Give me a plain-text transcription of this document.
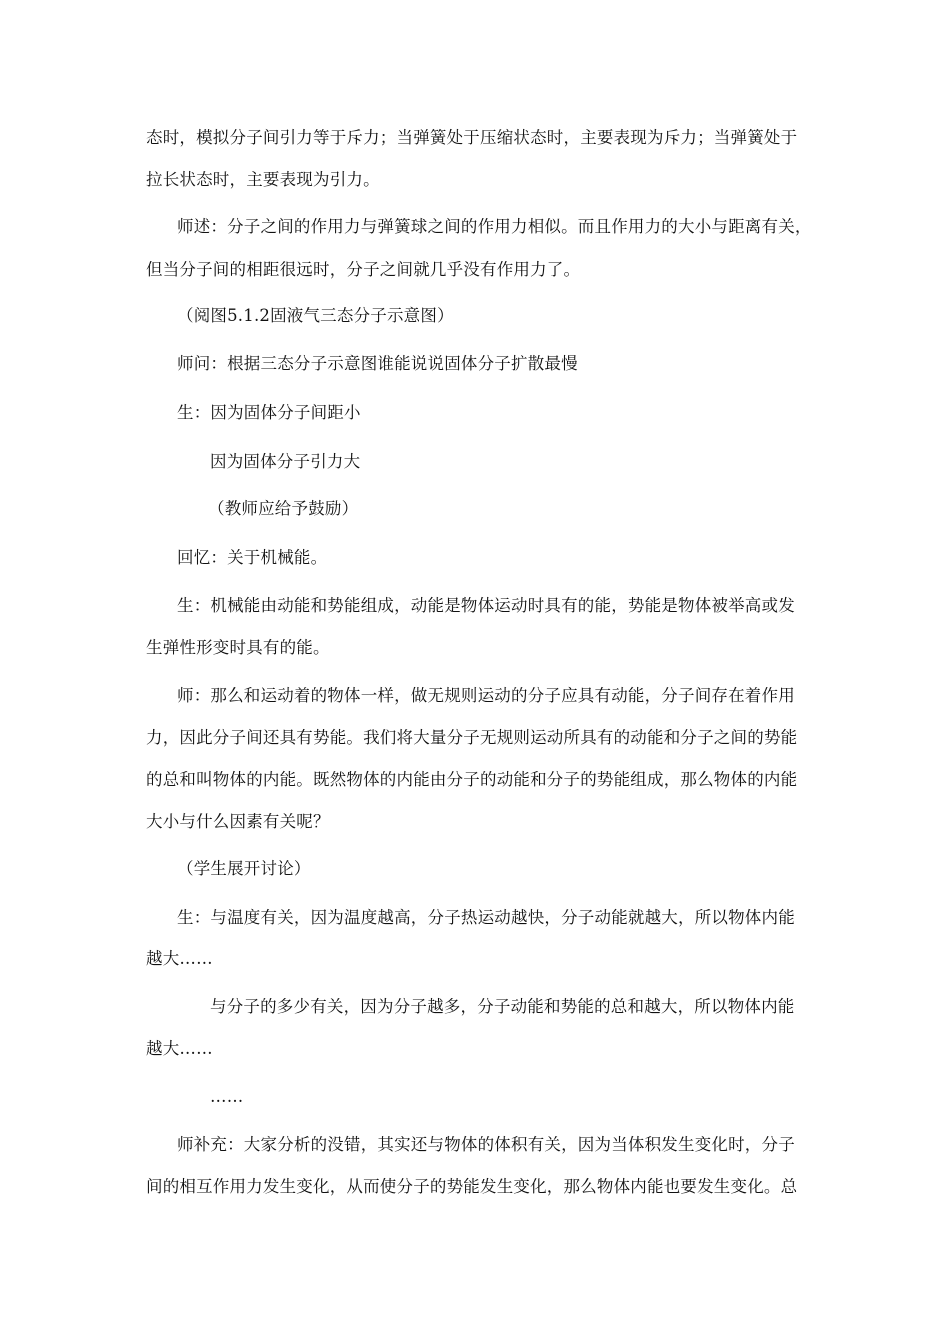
态时，模拟分子间引力等于斥力；当弹簧处于压缩状态时，主要表现为斥力；当弹簧处于
拉长状态时，主要表现为引力。
师述：分子之间的作用力与弹簧球之间的作用力相似。而且作用力的大小与距离有关，
但当分子间的相距很远时，分子之间就几乎没有作用力了。
（阅图5.1.2固液气三态分子示意图）
师问：根据三态分子示意图谁能说说固体分子扩散最慢
生：因为固体分子间距小
因为固体分子引力大
（教师应给予鼓励）
回忆：关于机械能。
生：机械能由动能和势能组成，动能是物体运动时具有的能，势能是物体被举高或发
生弹性形变时具有的能。
师：那么和运动着的物体一样，做无规则运动的分子应具有动能，分子间存在着作用
力，因此分子间还具有势能。我们将大量分子无规则运动所具有的动能和分子之间的势能
的总和叫物体的内能。既然物体的内能由分子的动能和分子的势能组成，那么物体的内能
大小与什么因素有关呢？
（学生展开讨论）
生：与温度有关，因为温度越高，分子热运动越快，分子动能就越大，所以物体内能
越大……
与分子的多少有关，因为分子越多，分子动能和势能的总和越大，所以物体内能
越大……
……
师补充：大家分析的没错，其实还与物体的体积有关，因为当体积发生变化时，分子
间的相互作用力发生变化，从而使分子的势能发生变化，那么物体内能也要发生变化。总
